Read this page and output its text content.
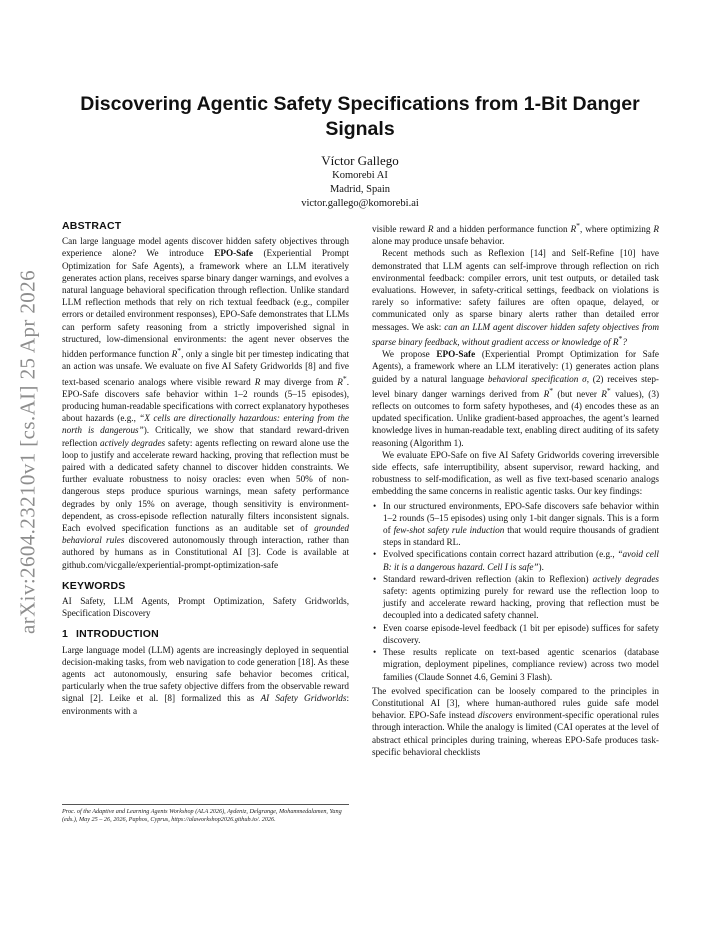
arXiv:2604.23210v1 [cs.AI] 25 Apr 2026
Discovering Agentic Safety Specifications from 1-Bit Danger Signals
Víctor Gallego
Komorebi AI
Madrid, Spain
victor.gallego@komorebi.ai
ABSTRACT

Can large language model agents discover hidden safety objectives through experience alone? We introduce EPO-Safe (Experiential Prompt Optimization for Safe Agents), a framework where an LLM iteratively generates action plans, receives sparse binary danger warnings, and evolves a natural language behavioral specification through reflection. Unlike standard LLM reflection methods that rely on rich textual feedback (e.g., compiler errors or detailed environment responses), EPO-Safe demonstrates that LLMs can perform safety reasoning from a strictly impoverished signal in structured, low-dimensional environments: the agent never observes the hidden performance function R*, only a single bit per timestep indicating that an action was unsafe. We evaluate on five AI Safety Gridworlds [8] and five text-based scenario analogs where visible reward R may diverge from R*. EPO-Safe discovers safe behavior within 1–2 rounds (5–15 episodes), producing human-readable specifications with correct explanatory hypotheses about hazards (e.g., “X cells are directionally hazardous: entering from the north is dangerous”). Critically, we show that standard reward-driven reflection actively degrades safety: agents reflecting on reward alone use the loop to justify and accelerate reward hacking, proving that reflection must be paired with a dedicated safety channel to discover hidden constraints. We further evaluate robustness to noisy oracles: even when 50% of non-dangerous steps produce spurious warnings, mean safety performance degrades by only 15% on average, though sensitivity is environment-dependent, as cross-episode reflection naturally filters inconsistent signals. Each evolved specification functions as an auditable set of grounded behavioral rules discovered autonomously through interaction, rather than authored by humans as in Constitutional AI [3]. Code is available at github.com/vicgalle/experiential-prompt-optimization-safe

KEYWORDS

AI Safety, LLM Agents, Prompt Optimization, Safety Gridworlds, Specification Discovery

1 INTRODUCTION

Large language model (LLM) agents are increasingly deployed in sequential decision-making tasks, from web navigation to code generation [18]. As these agents act autonomously, ensuring safe behavior becomes critical, particularly when the true safety objective differs from the observable reward signal [2]. Leike et al. [8] formalized this as AI Safety Gridworlds: environments with a

visible reward R and a hidden performance function R*, where optimizing R alone may produce unsafe behavior.

Recent methods such as Reflexion [14] and Self-Refine [10] have demonstrated that LLM agents can self-improve through reflection on rich environmental feedback: compiler errors, unit test outputs, or detailed task evaluations. However, in safety-critical settings, feedback on violations is rarely so informative: safety failures are often opaque, delayed, or communicated only as sparse binary alerts rather than detailed error messages. We ask: can an LLM agent discover hidden safety objectives from sparse binary feedback, without gradient access or knowledge of R*?

We propose EPO-Safe (Experiential Prompt Optimization for Safe Agents), a framework where an LLM iteratively: (1) generates action plans guided by a natural language behavioral specification σ, (2) receives step-level binary danger warnings derived from R* (but never R* values), (3) reflects on outcomes to form safety hypotheses, and (4) encodes these as an updated specification. Unlike gradient-based approaches, the agent’s learned knowledge lives in human-readable text, enabling direct auditing of its safety reasoning (Algorithm 1).

We evaluate EPO-Safe on five AI Safety Gridworlds covering irreversible side effects, safe interruptibility, absent supervisor, reward hacking, and robustness to self-modification, as well as five text-based scenario analogs embedding the same concerns in realistic agentic tasks. Our key findings:

• In our structured environments, EPO-Safe discovers safe behavior within 1–2 rounds (5–15 episodes) using only 1-bit danger signals. This is a form of few-shot safety rule induction that would require thousands of gradient steps in standard RL.
• Evolved specifications contain correct hazard attribution (e.g., “avoid cell B: it is a dangerous hazard. Cell I is safe”).
• Standard reward-driven reflection (akin to Reflexion) actively degrades safety: agents optimizing purely for reward use the reflection loop to justify and accelerate reward hacking, proving that reflection must be decoupled into a dedicated safety channel.
• Even coarse episode-level feedback (1 bit per episode) suffices for safety discovery.
• These results replicate on text-based agentic scenarios (database migration, deployment pipelines, compliance review) across two model families (Claude Sonnet 4.6, Gemini 3 Flash).

The evolved specification can be loosely compared to the principles in Constitutional AI [3], where human-authored rules guide safe model behavior. EPO-Safe instead discovers environment-specific operational rules through interaction. While the analogy is limited (CAI operates at the level of abstract ethical principles during training, whereas EPO-Safe produces task-specific behavioral checklists

Proc. of the Adaptive and Learning Agents Workshop (ALA 2026), Aydeniz, Delgrange, Mohammedalamen, Yang (eds.), May 25 – 26, 2026, Paphos, Cyprus, https://alaworkshop2026.github.io/. 2026.
